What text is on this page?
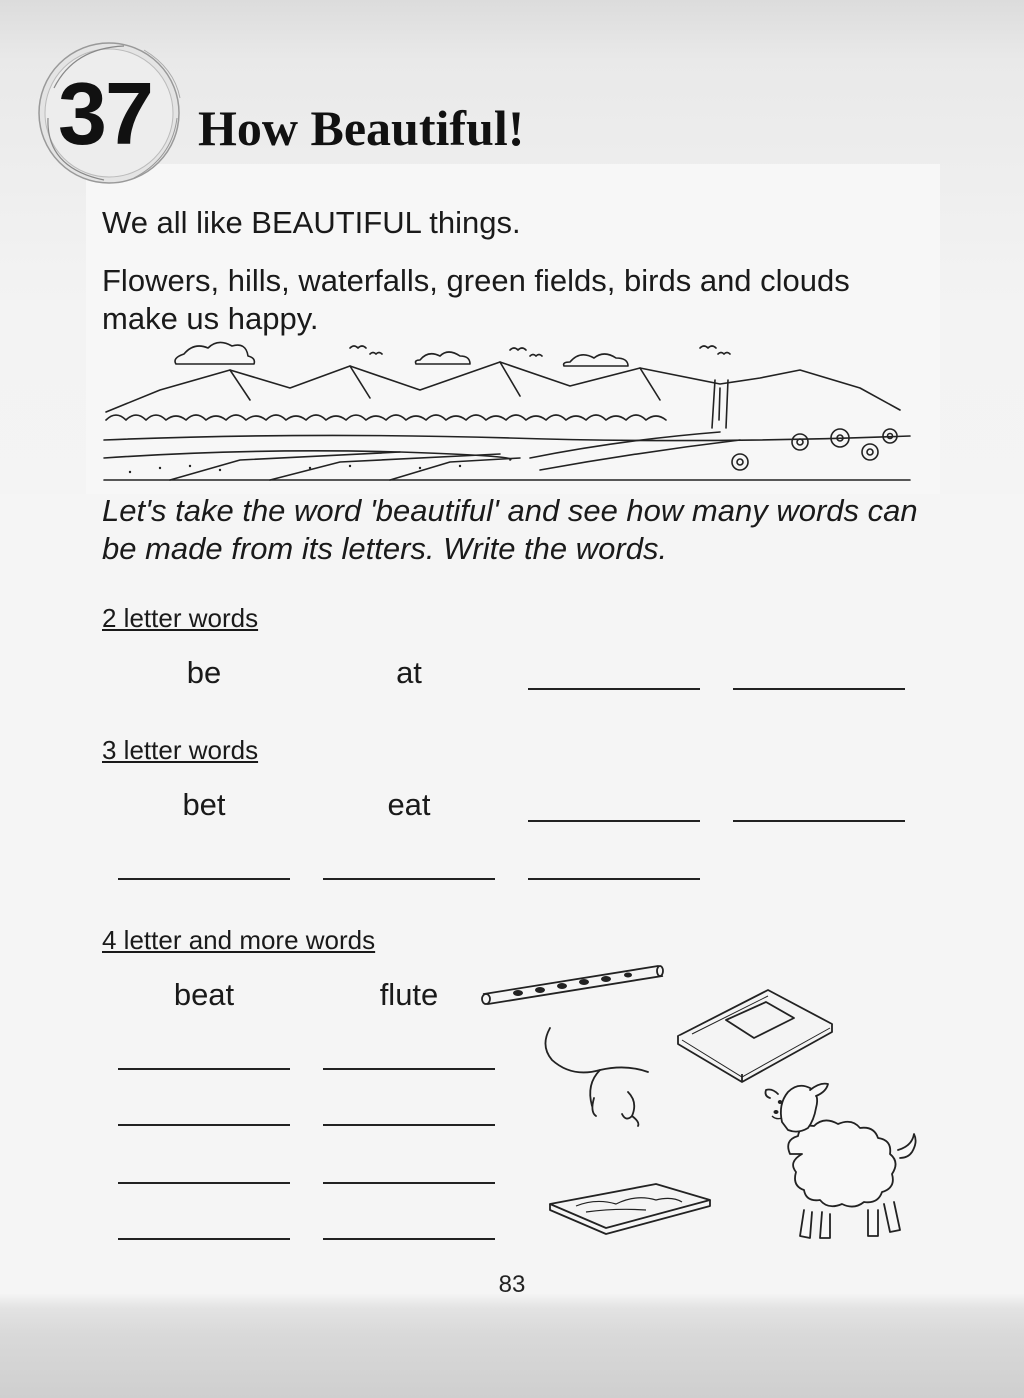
37 How Beautiful!
We all like BEAUTIFUL things.
Flowers, hills, waterfalls, green fields, birds and clouds make us happy.
Let's take the word 'beautiful' and see how many words can be made from its letters. Write the words.
2 letter words
be	at
3 letter words
bet	eat
4 letter and more words
beat	flute
83
